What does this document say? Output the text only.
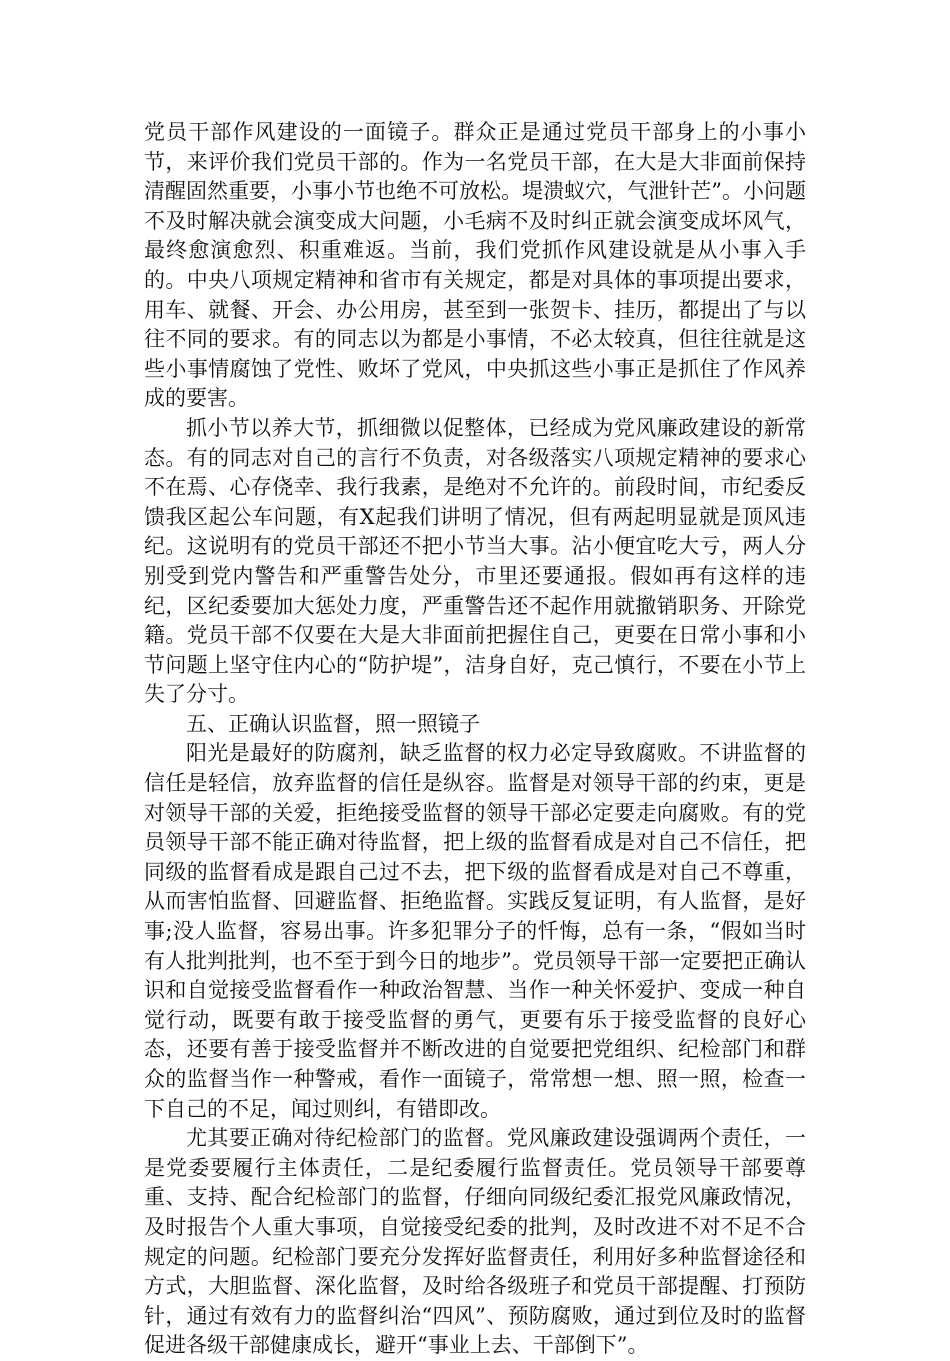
党员干部作风建设的一面镜子。群众正是通过党员干部身上的小事小节，来评价我们党员干部的。作为一名党员干部，在大是大非面前保持清醒固然重要，小事小节也绝不可放松。堤溃蚁穴，气泄针芒”。小问题不及时解决就会演变成大问题，小毛病不及时纠正就会演变成坏风气，最终愈演愈烈、积重难返。当前，我们党抓作风建设就是从小事入手的。中央八项规定精神和省市有关规定，都是对具体的事项提出要求，用车、就餐、开会、办公用房，甚至到一张贺卡、挂历，都提出了与以往不同的要求。有的同志以为都是小事情，不必太较真，但往往就是这些小事情腐蚀了党性、败坏了党风，中央抓这些小事正是抓住了作风养成的要害。

抓小节以养大节，抓细微以促整体，已经成为党风廉政建设的新常态。有的同志对自己的言行不负责，对各级落实八项规定精神的要求心不在焉、心存侥幸、我行我素，是绝对不允许的。前段时间，市纪委反馈我区起公车问题，有X起我们讲明了情况，但有两起明显就是顶风违纪。这说明有的党员干部还不把小节当大事。沾小便宜吃大亏，两人分别受到党内警告和严重警告处分，市里还要通报。假如再有这样的违纪，区纪委要加大惩处力度，严重警告还不起作用就撤销职务、开除党籍。党员干部不仅要在大是大非面前把握住自己，更要在日常小事和小节问题上坚守住内心的“防护堤”，洁身自好，克己慎行，不要在小节上失了分寸。

五、正确认识监督，照一照镜子

阳光是最好的防腐剂，缺乏监督的权力必定导致腐败。不讲监督的信任是轻信，放弃监督的信任是纵容。监督是对领导干部的约束，更是对领导干部的关爱，拒绝接受监督的领导干部必定要走向腐败。有的党员领导干部不能正确对待监督，把上级的监督看成是对自己不信任，把同级的监督看成是跟自己过不去，把下级的监督看成是对自己不尊重，从而害怕监督、回避监督、拒绝监督。实践反复证明，有人监督，是好事;没人监督，容易出事。许多犯罪分子的忏悔，总有一条，“假如当时有人批判批判，也不至于到今日的地步”。党员领导干部一定要把正确认识和自觉接受监督看作一种政治智慧、当作一种关怀爱护、变成一种自觉行动，既要有敢于接受监督的勇气，更要有乐于接受监督的良好心态，还要有善于接受监督并不断改进的自觉要把党组织、纪检部门和群众的监督当作一种警戒，看作一面镜子，常常想一想、照一照，检查一下自己的不足，闻过则纠，有错即改。

尤其要正确对待纪检部门的监督。党风廉政建设强调两个责任，一是党委要履行主体责任，二是纪委履行监督责任。党员领导干部要尊重、支持、配合纪检部门的监督，仔细向同级纪委汇报党风廉政情况，及时报告个人重大事项，自觉接受纪委的批判，及时改进不对不足不合规定的问题。纪检部门要充分发挥好监督责任，利用好多种监督途径和方式，大胆监督、深化监督，及时给各级班子和党员干部提醒、打预防针，通过有效有力的监督纠治“四风”、预防腐败，通过到位及时的监督促进各级干部健康成长，避开“事业上去、干部倒下”。
